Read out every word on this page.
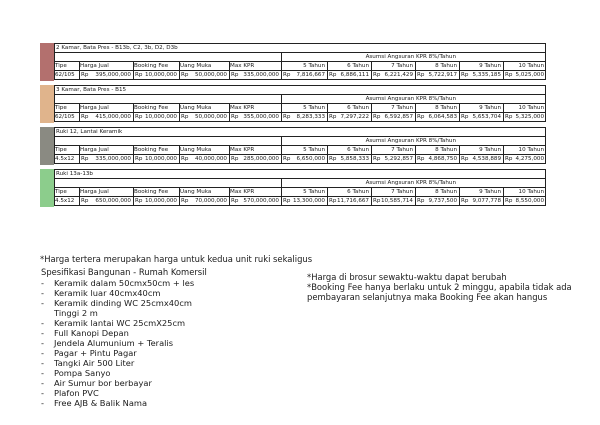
2 Kamar, Bata Pres - B13b, C2, 3b, D2, D3b
Asumsi Angsuran KPR 8%/Tahun
Tipe Harga Jual	Booking Fee Uang Muka	Max KPR	5 Tahun	6 Tahun	7 Tahun	8 Tahun	9 Tahun	10 Tahun
62/105 Rp 395,000,000 Rp 10,000,000 Rp 50,000,000 Rp 335,000,000 Rp 7,816,667 Rp 6,886,111 Rp 6,221,429 Rp 5,722,917 Rp 5,335,185 Rp 5,025,000
3 Kamar, Bata Pres - B15
Asumsi Angsuran KPR 8%/Tahun
Tipe Harga Jual	Booking Fee Uang Muka	Max KPR	5 Tahun	6 Tahun	7 Tahun	8 Tahun	9 Tahun	10 Tahun
62/105 Rp 415,000,000 Rp 10,000,000 Rp 50,000,000 Rp 355,000,000 Rp 8,283,333 Rp 7,297,222 Rp 6,592,857 Rp 6,064,583 Rp 5,653,704 Rp 5,325,000
Ruki 12, Lantai Keramik
Asumsi Angsuran KPR 8%/Tahun
Tipe Harga Jual	Booking Fee Uang Muka	Max KPR	5 Tahun	6 Tahun	7 Tahun	8 Tahun	9 Tahun	10 Tahun
4.5x12 Rp 335,000,000 Rp 10,000,000 Rp 40,000,000 Rp 285,000,000 Rp 6,650,000 Rp 5,858,333 Rp 5,292,857 Rp 4,868,750 Rp 4,538,889 Rp 4,275,000
Ruki 13a-13b
Asumsi Angsuran KPR 8%/Tahun
Tipe Harga Jual	Booking Fee Uang Muka	Max KPR	5 Tahun	6 Tahun	7 Tahun	8 Tahun	9 Tahun	10 Tahun
4.5x12 Rp 650,000,000 Rp 10,000,000 Rp 70,000,000 Rp 570,000,000 Rp 13,300,000 Rp 11,716,667 Rp 10,585,714 Rp 9,737,500 Rp 9,077,778 Rp 8,550,000
*Harga tertera merupakan harga untuk kedua unit ruki sekaligus
Spesifikasi Bangunan - Rumah Komersil
- Keramik dalam 50cmx50cm + les
- Keramik luar 40cmx40cm
- Keramik dinding WC 25cmx40cm
Tinggi 2 m
- Keramik lantai WC 25cmX25cm
- Full Kanopi Depan
- Jendela Alumunium + Teralis
- Pagar + Pintu Pagar
- Tangki Air 500 Liter
- Pompa Sanyo
- Air Sumur bor berbayar
- Plafon PVC
- Free AJB & Balik Nama
*Harga di brosur sewaktu-waktu dapat berubah
*Booking Fee hanya berlaku untuk 2 minggu, apabila tidak ada
pembayaran selanjutnya maka Booking Fee akan hangus
